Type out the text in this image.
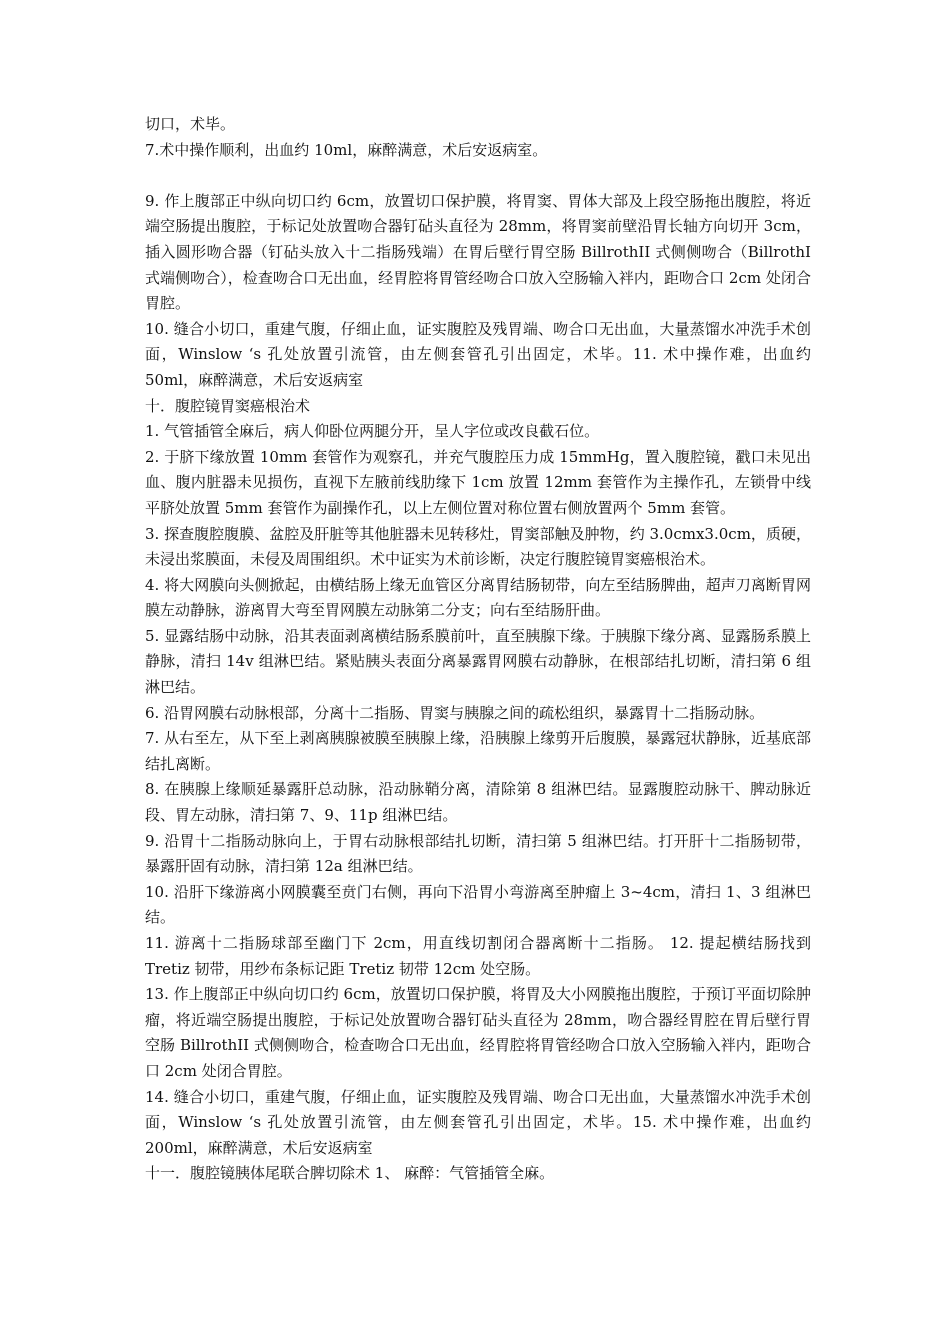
切口，术毕。

7.术中操作顺利，出血约 10ml，麻醉满意，术后安返病室。

9. 作上腹部正中纵向切口约 6cm，放置切口保护膜，将胃窦、胃体大部及上段空肠拖出腹腔，将近端空肠提出腹腔，于标记处放置吻合器钉砧头直径为 28mm，将胃窦前壁沿胃长轴方向切开 3cm，插入圆形吻合器（钉砧头放入十二指肠残端）在胃后壁行胃空肠 BillrothII 式侧侧吻合（BillrothI 式端侧吻合），检查吻合口无出血，经胃腔将胃管经吻合口放入空肠输入袢内，距吻合口 2cm 处闭合胃腔。

10. 缝合小切口，重建气腹，仔细止血，证实腹腔及残胃端、吻合口无出血，大量蒸馏水冲洗手术创面，Winslow ‘s 孔处放置引流管，由左侧套管孔引出固定，术毕。11. 术中操作难，出血约 50ml，麻醉满意，术后安返病室

十．腹腔镜胃窦癌根治术

1. 气管插管全麻后，病人仰卧位两腿分开，呈人字位或改良截石位。

2. 于脐下缘放置 10mm 套管作为观察孔，并充气腹腔压力成 15mmHg，置入腹腔镜，戳口未见出血、腹内脏器未见损伤，直视下左腋前线肋缘下 1cm 放置 12mm 套管作为主操作孔，左锁骨中线平脐处放置 5mm 套管作为副操作孔，以上左侧位置对称位置右侧放置两个 5mm 套管。

3. 探查腹腔腹膜、盆腔及肝脏等其他脏器未见转移灶，胃窦部触及肿物，约 3.0cmx3.0cm，质硬，未浸出浆膜面，未侵及周围组织。术中证实为术前诊断，决定行腹腔镜胃窦癌根治术。

4. 将大网膜向头侧掀起，由横结肠上缘无血管区分离胃结肠韧带，向左至结肠脾曲，超声刀离断胃网膜左动静脉，游离胃大弯至胃网膜左动脉第二分支；向右至结肠肝曲。

5. 显露结肠中动脉，沿其表面剥离横结肠系膜前叶，直至胰腺下缘。于胰腺下缘分离、显露肠系膜上静脉，清扫 14v 组淋巴结。紧贴胰头表面分离暴露胃网膜右动静脉，在根部结扎切断，清扫第 6 组淋巴结。

6. 沿胃网膜右动脉根部，分离十二指肠、胃窦与胰腺之间的疏松组织，暴露胃十二指肠动脉。

7. 从右至左，从下至上剥离胰腺被膜至胰腺上缘，沿胰腺上缘剪开后腹膜，暴露冠状静脉，近基底部结扎离断。

8. 在胰腺上缘顺延暴露肝总动脉，沿动脉鞘分离，清除第 8 组淋巴结。显露腹腔动脉干、脾动脉近段、胃左动脉，清扫第 7、9、11p 组淋巴结。

9. 沿胃十二指肠动脉向上，于胃右动脉根部结扎切断，清扫第 5 组淋巴结。打开肝十二指肠韧带，暴露肝固有动脉，清扫第 12a 组淋巴结。

10. 沿肝下缘游离小网膜囊至贲门右侧，再向下沿胃小弯游离至肿瘤上 3~4cm，清扫 1、3 组淋巴结。

11. 游离十二指肠球部至幽门下 2cm，用直线切割闭合器离断十二指肠。 12. 提起横结肠找到 Tretiz 韧带，用纱布条标记距 Tretiz 韧带 12cm 处空肠。

13. 作上腹部正中纵向切口约 6cm，放置切口保护膜，将胃及大小网膜拖出腹腔，于预订平面切除肿瘤，将近端空肠提出腹腔，于标记处放置吻合器钉砧头直径为 28mm，吻合器经胃腔在胃后壁行胃空肠 BillrothII 式侧侧吻合，检查吻合口无出血，经胃腔将胃管经吻合口放入空肠输入袢内，距吻合口 2cm 处闭合胃腔。

14. 缝合小切口，重建气腹，仔细止血，证实腹腔及残胃端、吻合口无出血，大量蒸馏水冲洗手术创面，Winslow ‘s 孔处放置引流管，由左侧套管孔引出固定，术毕。15. 术中操作难，出血约 200ml，麻醉满意，术后安返病室

十一．腹腔镜胰体尾联合脾切除术 1、 麻醉：气管插管全麻。
